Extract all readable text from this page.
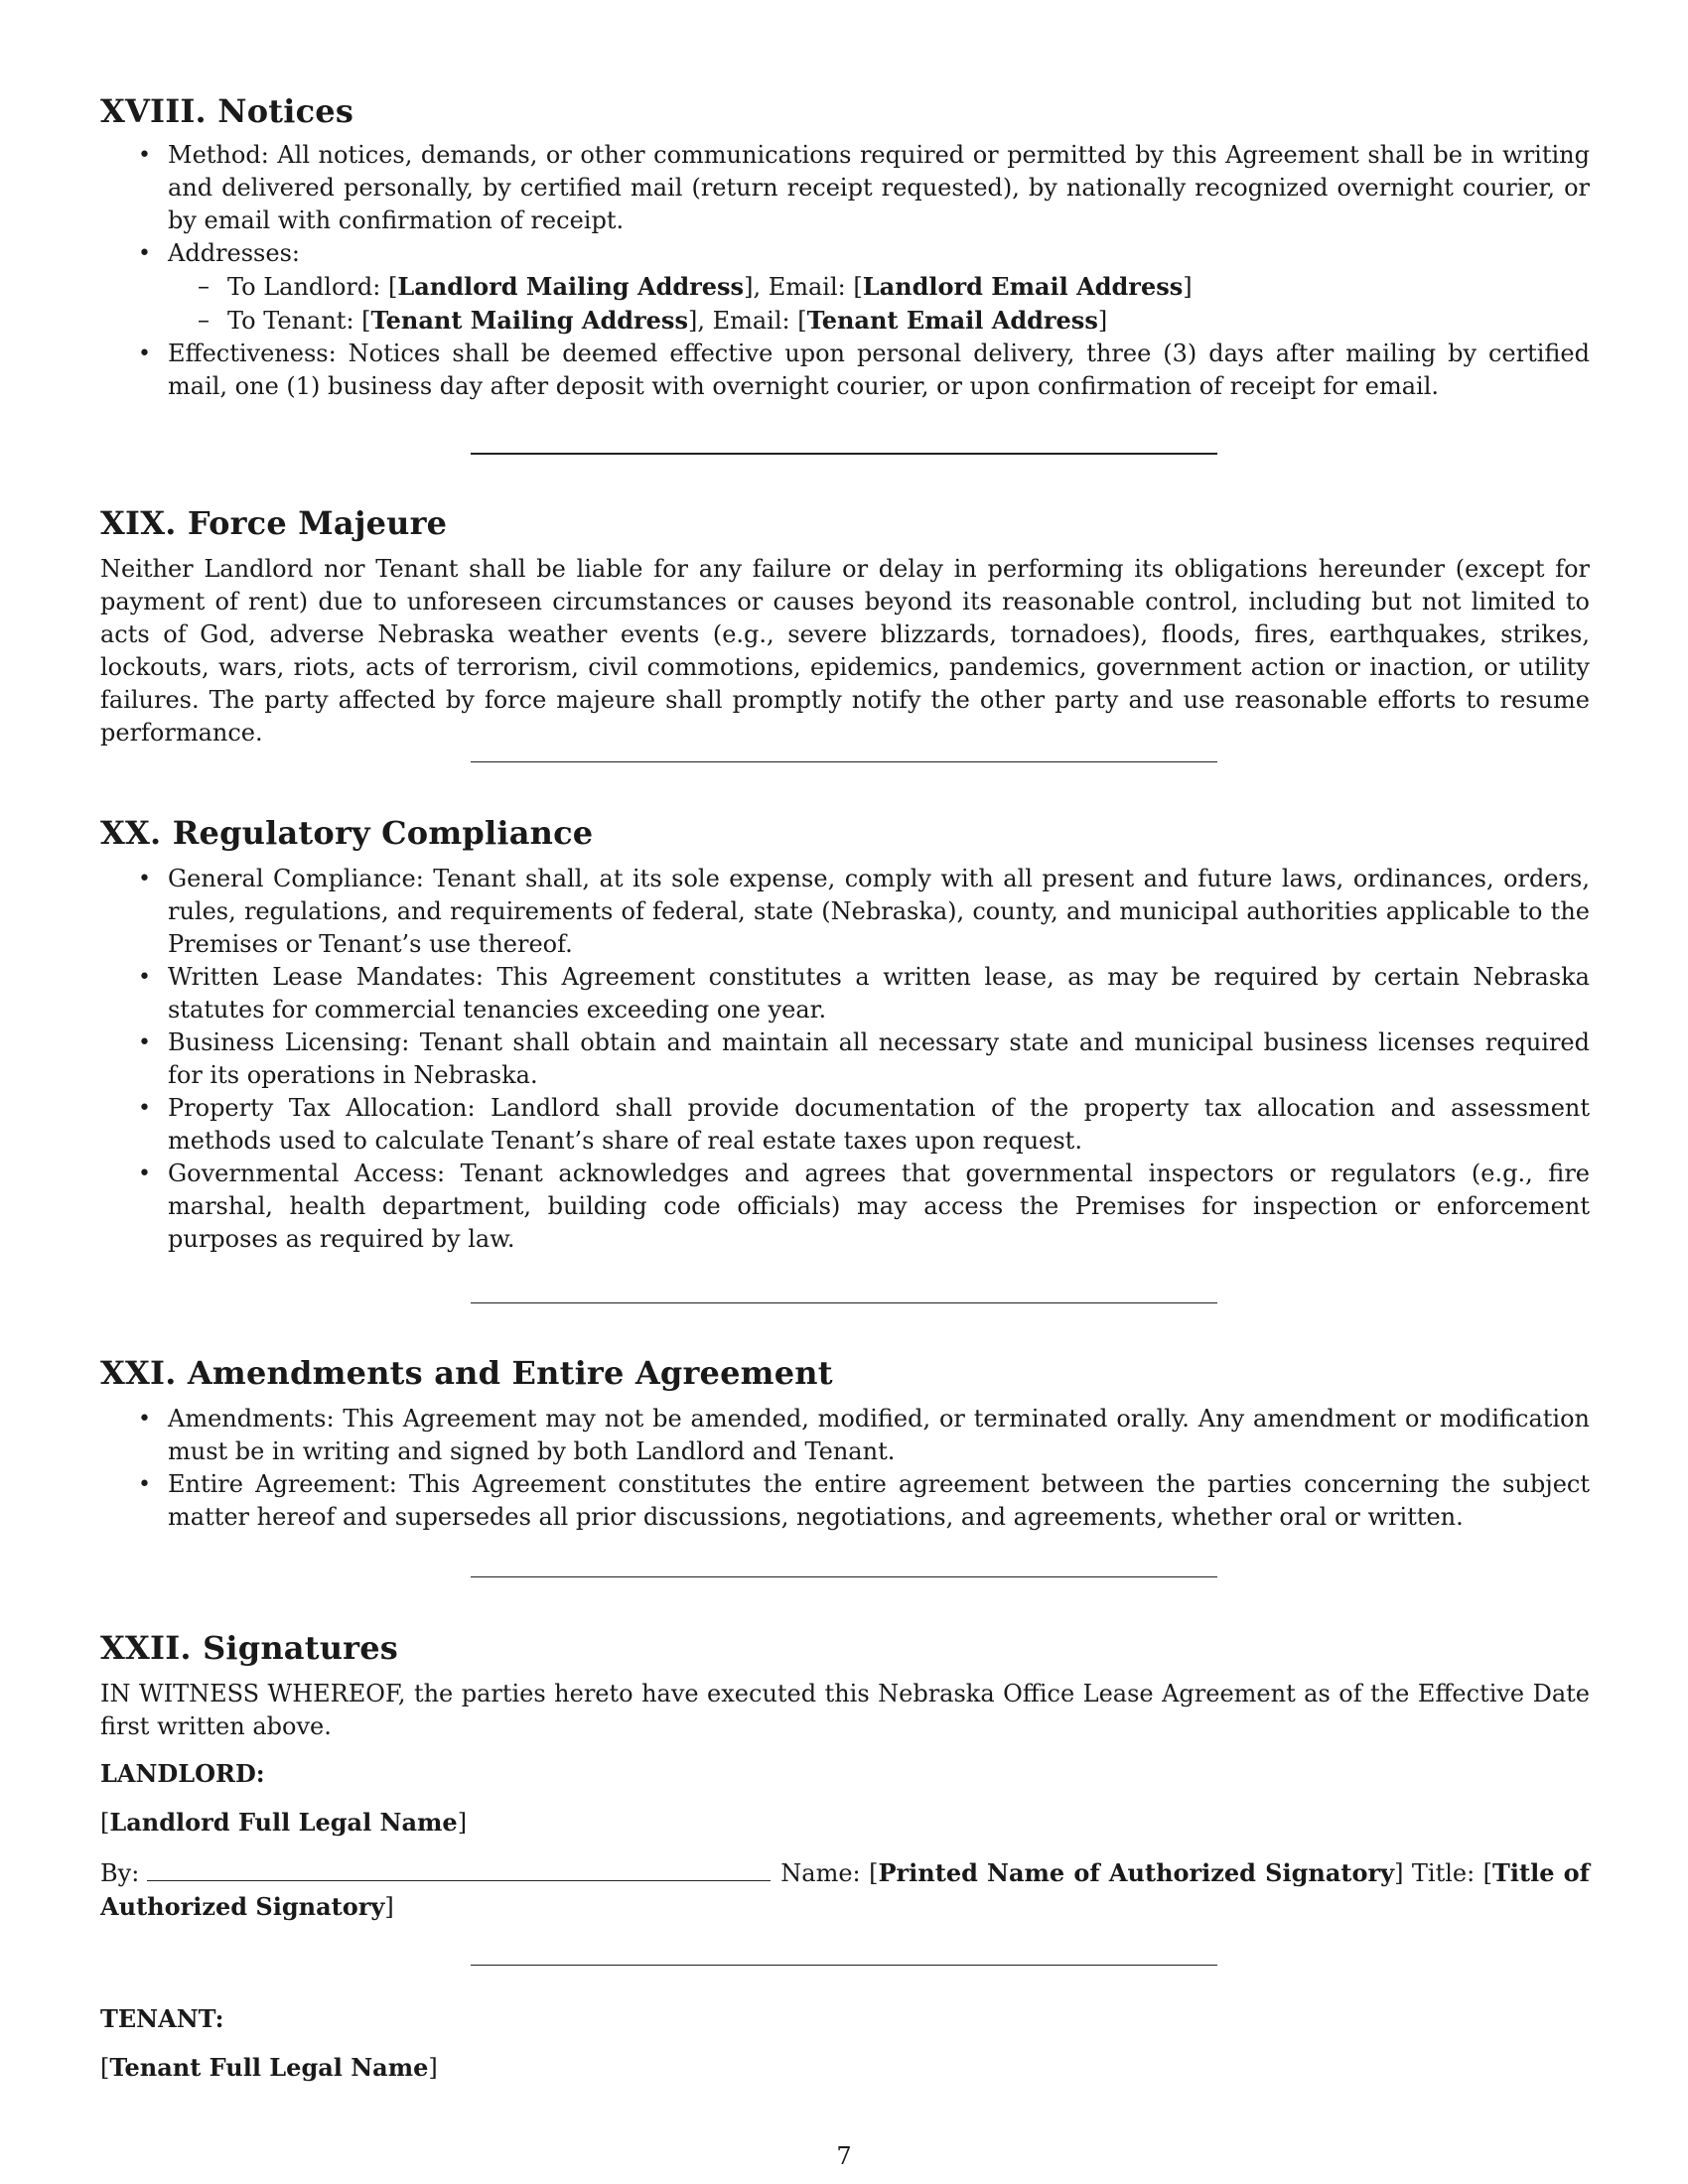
XVIII. Notices
• Method: All notices, demands, or other communications required or permitted by this Agreement shall be in writing and delivered personally, by certified mail (return receipt requested), by nationally recognized overnight courier, or by email with confirmation of receipt.
• Addresses:
– To Landlord: [Landlord Mailing Address], Email: [Landlord Email Address]
– To Tenant: [Tenant Mailing Address], Email: [Tenant Email Address]
• Effectiveness: Notices shall be deemed effective upon personal delivery, three (3) days after mailing by certified mail, one (1) business day after deposit with overnight courier, or upon confirmation of receipt for email.
XIX. Force Majeure

Neither Landlord nor Tenant shall be liable for any failure or delay in performing its obligations hereunder (except for payment of rent) due to unforeseen circumstances or causes beyond its reasonable control, including but not limited to acts of God, adverse Nebraska weather events (e.g., severe blizzards, tornadoes), floods, fires, earthquakes, strikes, lockouts, wars, riots, acts of terrorism, civil commotions, epidemics, pandemics, government action or inaction, or utility failures. The party affected by force majeure shall promptly notify the other party and use reasonable efforts to resume performance.

XX. Regulatory Compliance
• General Compliance: Tenant shall, at its sole expense, comply with all present and future laws, ordinances, orders, rules, regulations, and requirements of federal, state (Nebraska), county, and municipal authorities applicable to the Premises or Tenant’s use thereof.
• Written Lease Mandates: This Agreement constitutes a written lease, as may be required by certain Nebraska statutes for commercial tenancies exceeding one year.
• Business Licensing: Tenant shall obtain and maintain all necessary state and municipal business licenses required for its operations in Nebraska.
• Property Tax Allocation: Landlord shall provide documentation of the property tax allocation and assessment methods used to calculate Tenant’s share of real estate taxes upon request.
• Governmental Access: Tenant acknowledges and agrees that governmental inspectors or regulators (e.g., fire marshal, health department, building code officials) may access the Premises for inspection or enforcement purposes as required by law.
XXI. Amendments and Entire Agreement
• Amendments: This Agreement may not be amended, modified, or terminated orally. Any amendment or modification must be in writing and signed by both Landlord and Tenant.
• Entire Agreement: This Agreement constitutes the entire agreement between the parties concerning the subject matter hereof and supersedes all prior discussions, negotiations, and agreements, whether oral or written.
XXII. Signatures

IN WITNESS WHEREOF, the parties hereto have executed this Nebraska Office Lease Agreement as of the Effective Date first written above.

LANDLORD:

[Landlord Full Legal Name]

By:	Name: [Printed Name of Authorized Signatory] Title: [Title of Authorized Signatory]

TENANT:

[Tenant Full Legal Name]

7
